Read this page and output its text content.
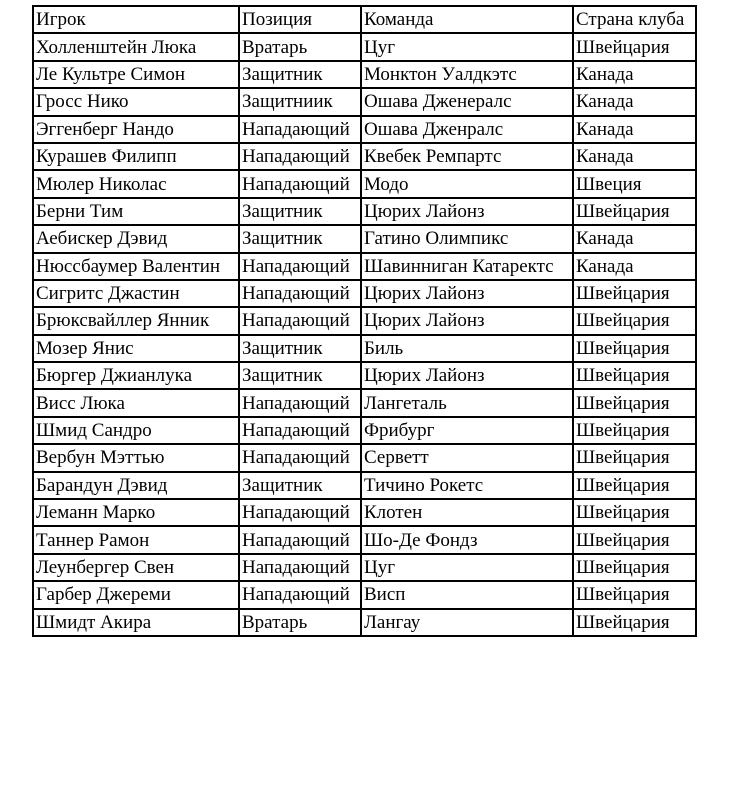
Игрок	Позиция	Команда	Страна клуба
Холленштейн Люка	Вратарь	Цуг	Швейцария
Ле Культре Симон	Защитник	Монктон Уалдкэтс	Канада
Гросс Нико	Защитниик	Ошава Дженералс	Канада
Эггенберг Нандо	Нападающий	Ошава Дженралс	Канада
Курашев Филипп	Нападающий	Квебек Ремпартс	Канада
Мюлер Николас	Нападающий	Модо	Швеция
Берни Тим	Защитник	Цюрих Лайонз	Швейцария
Аебискер Дэвид	Защитник	Гатино Олимпикс	Канада
Нюссбаумер Валентин	Нападающий	Шавинниган Катаректс	Канада
Сигритс Джастин	Нападающий	Цюрих Лайонз	Швейцария
Брюксвайллер Янник	Нападающий	Цюрих Лайонз	Швейцария
Мозер Янис	Защитник	Биль	Швейцария
Бюргер Джианлука	Защитник	Цюрих Лайонз	Швейцария
Висс Люка	Нападающий	Лангеталь	Швейцария
Шмид Сандро	Нападающий	Фрибург	Швейцария
Вербун Мэттью	Нападающий	Серветт	Швейцария
Барандун Дэвид	Защитник	Тичино Рокетс	Швейцария
Леманн Марко	Нападающий	Клотен	Швейцария
Таннер Рамон	Нападающий	Шо-Де Фондз	Швейцария
Леунбергер Свен	Нападающий	Цуг	Швейцария
Гарбер Джереми	Нападающий	Висп	Швейцария
Шмидт Акира	Вратарь	Лангау	Швейцария
